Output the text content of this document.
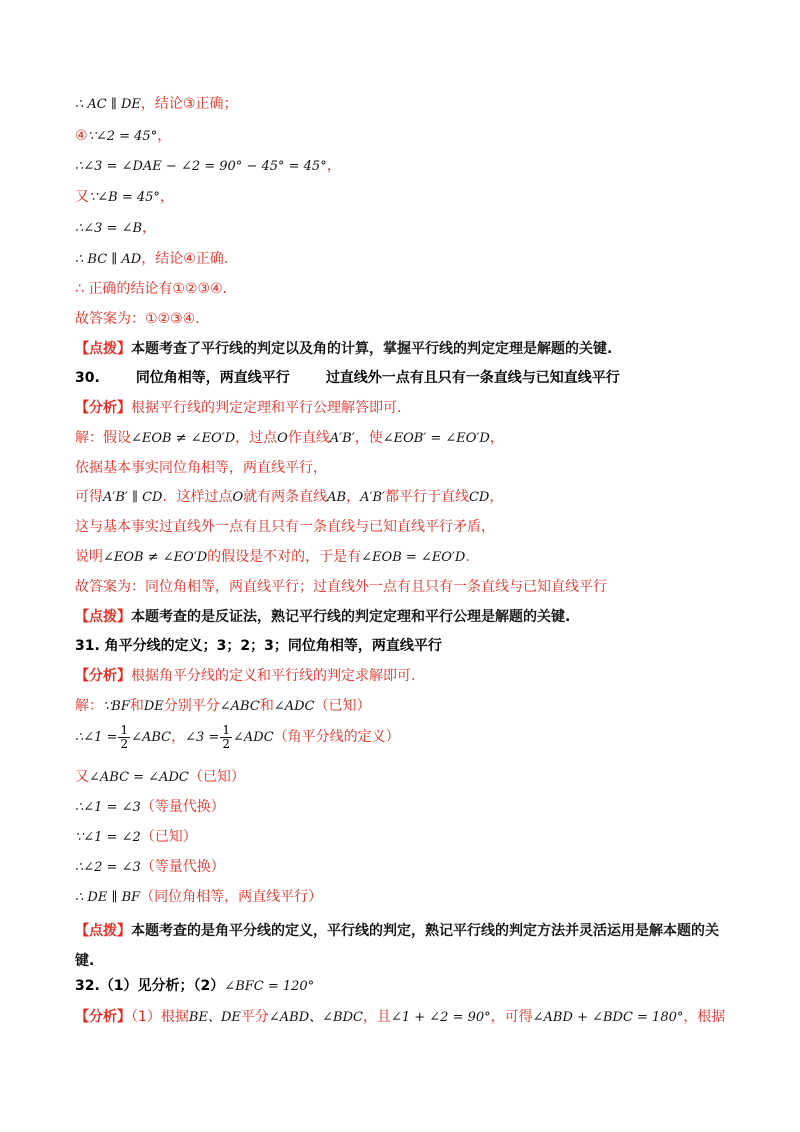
∴ AC ∥ DE，结论③正确；
④∵∠2 = 45°，
∴∠3 = ∠DAE − ∠2 = 90° − 45° = 45°，
又∵∠B = 45°，
∴∠3 = ∠B，
∴ BC ∥ AD，结论④正确.
∴ 正确的结论有①②③④.
故答案为：①②③④.
【点拨】本题考查了平行线的判定以及角的计算，掌握平行线的判定定理是解题的关键.
30.	同位角相等，两直线平行	过直线外一点有且只有一条直线与已知直线平行
【分析】根据平行线的判定定理和平行公理解答即可.
解：假设∠EOB ≠ ∠EO′D，过点O作直线A′B′，使∠EOB′ = ∠EO′D，
依据基本事实同位角相等，两直线平行，
可得A′B′ ∥ CD．这样过点O就有两条直线AB，A′B′都平行于直线CD，
这与基本事实过直线外一点有且只有一条直线与已知直线平行矛盾，
说明∠EOB ≠ ∠EO′D的假设是不对的，于是有∠EOB = ∠EO′D.
故答案为：同位角相等，两直线平行；过直线外一点有且只有一条直线与已知直线平行
【点拨】本题考查的是反证法，熟记平行线的判定定理和平行公理是解题的关键.
31. 角平分线的定义；3；2；3；同位角相等，两直线平行
【分析】根据角平分线的定义和平行线的判定求解即可.
解：∵BF和DE分别平分∠ABC和∠ADC（已知）
∴∠1 = $\frac{1}{2}$ ∠ABC，∠3 = $\frac{1}{2}$ ∠ADC（角平分线的定义）
又∠ABC = ∠ADC（已知）
∴∠1 = ∠3（等量代换）
∵∠1 = ∠2（已知）
∴∠2 = ∠3（等量代换）
∴ DE ∥ BF（同位角相等，两直线平行）
【点拨】本题考查的是角平分线的定义，平行线的判定，熟记平行线的判定方法并灵活运用是解本题的关键.
32.（1）见分析；（2）∠BFC = 120°
【分析】（1）根据BE、DE平分∠ABD、∠BDC，且∠1 + ∠2 = 90°，可得∠ABD + ∠BDC = 180°，根据
